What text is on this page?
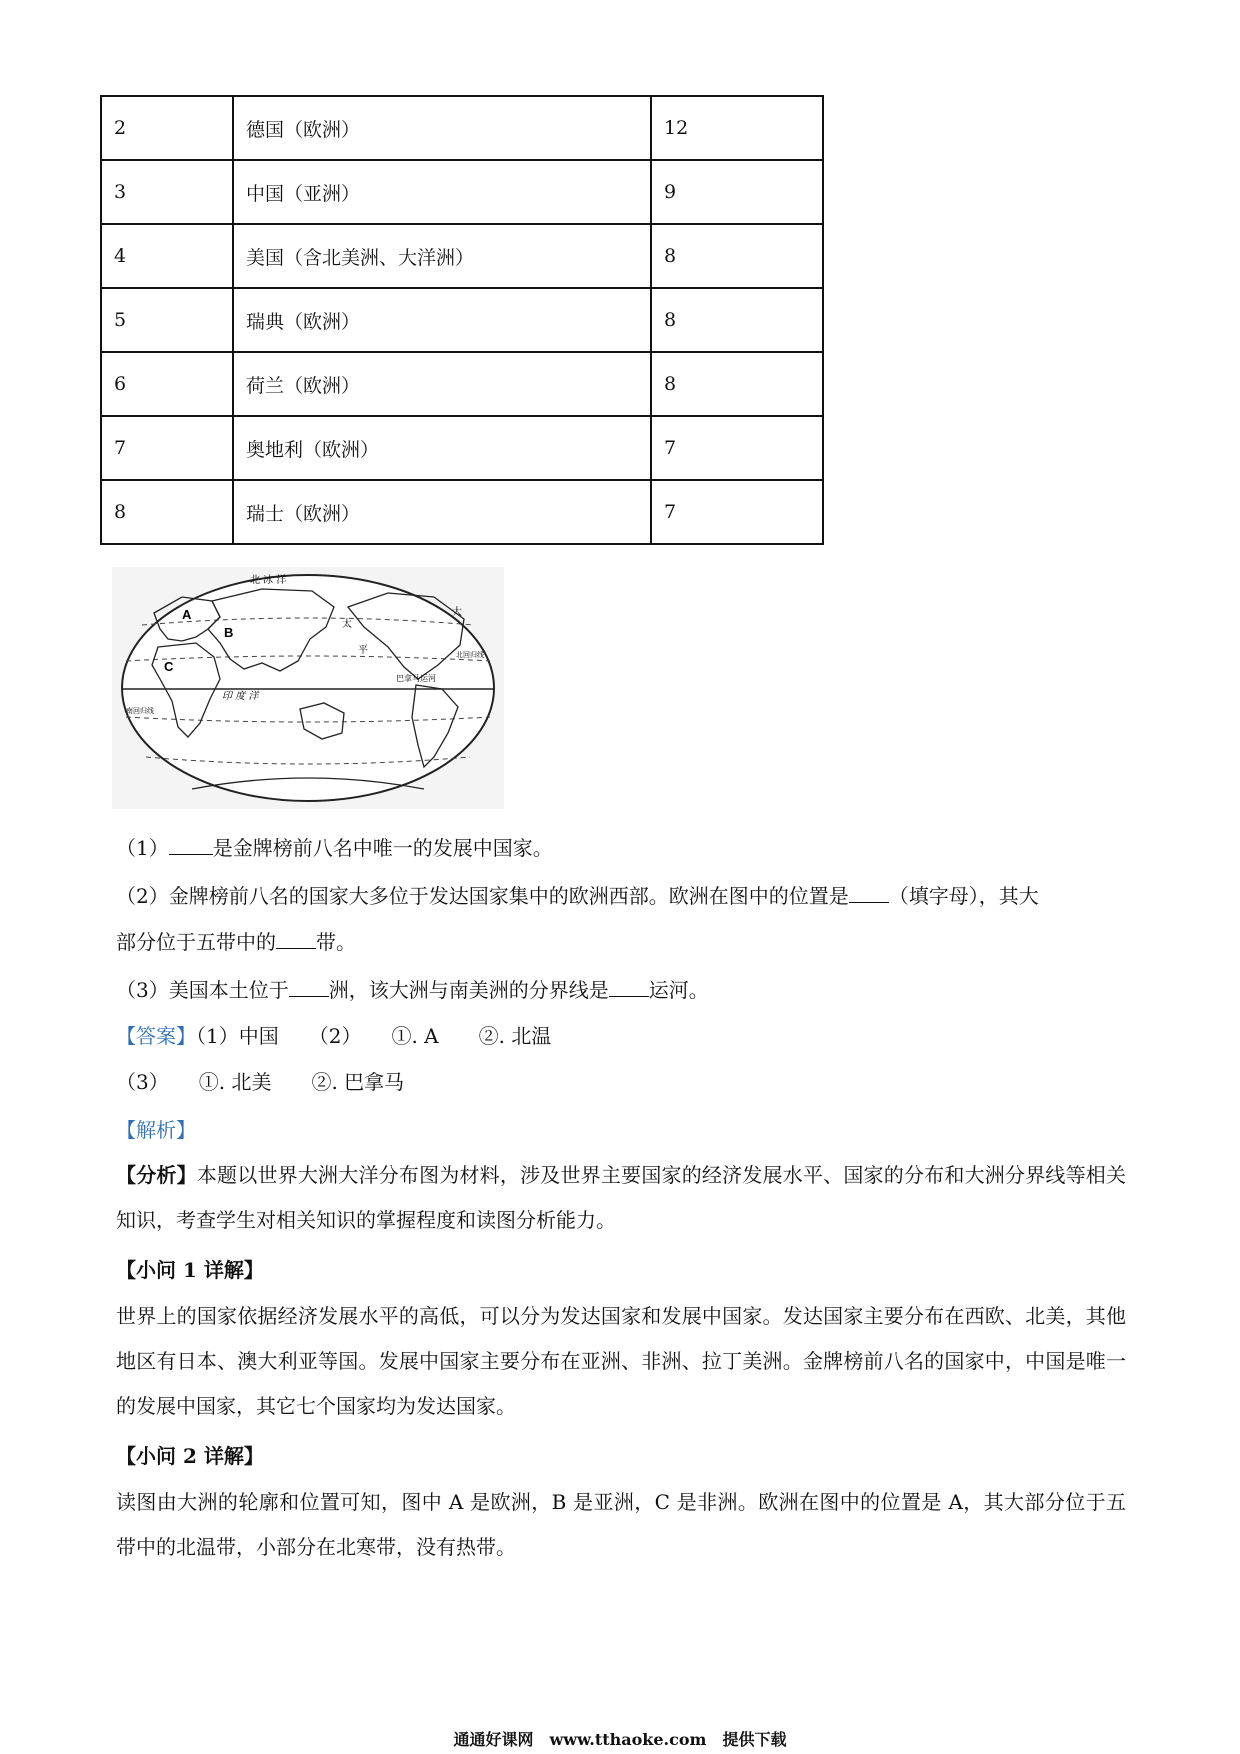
2	德国（欧洲）	12
3	中国（亚洲）	9
4	美国（含北美洲、大洋洲）	8
5	瑞典（欧洲）	8
6	荷兰（欧洲）	8
7	奥地利（欧洲）	7
8	瑞士（欧洲）	7
A
B
C
北 冰 洋
太
平
大
印 度 洋
巴拿马运河
北回归线
南回归线
（1） 是金牌榜前八名中唯一的发展中国家。
（2）金牌榜前八名的国家大多位于发达国家集中的欧洲西部。欧洲在图中的位置是 （填字母），其大
部分位于五带中的 带。
（3）美国本土位于 洲，该大洲与南美洲的分界线是 运河。
【答案】（1）中国　　（2）　　①. A　　②. 北温
（3）　　①. 北美　　②. 巴拿马
【解析】
【分析】本题以世界大洲大洋分布图为材料，涉及世界主要国家的经济发展水平、国家的分布和大洲分界线等相关知识，考查学生对相关知识的掌握程度和读图分析能力。
【小问 1 详解】
世界上的国家依据经济发展水平的高低，可以分为发达国家和发展中国家。发达国家主要分布在西欧、北美，其他地区有日本、澳大利亚等国。发展中国家主要分布在亚洲、非洲、拉丁美洲。金牌榜前八名的国家中，中国是唯一的发展中国家，其它七个国家均为发达国家。
【小问 2 详解】
读图由大洲的轮廓和位置可知，图中 A 是欧洲，B 是亚洲，C 是非洲。欧洲在图中的位置是 A，其大部分位于五带中的北温带，小部分在北寒带，没有热带。
通通好课网　www.tthaoke.com　提供下载
